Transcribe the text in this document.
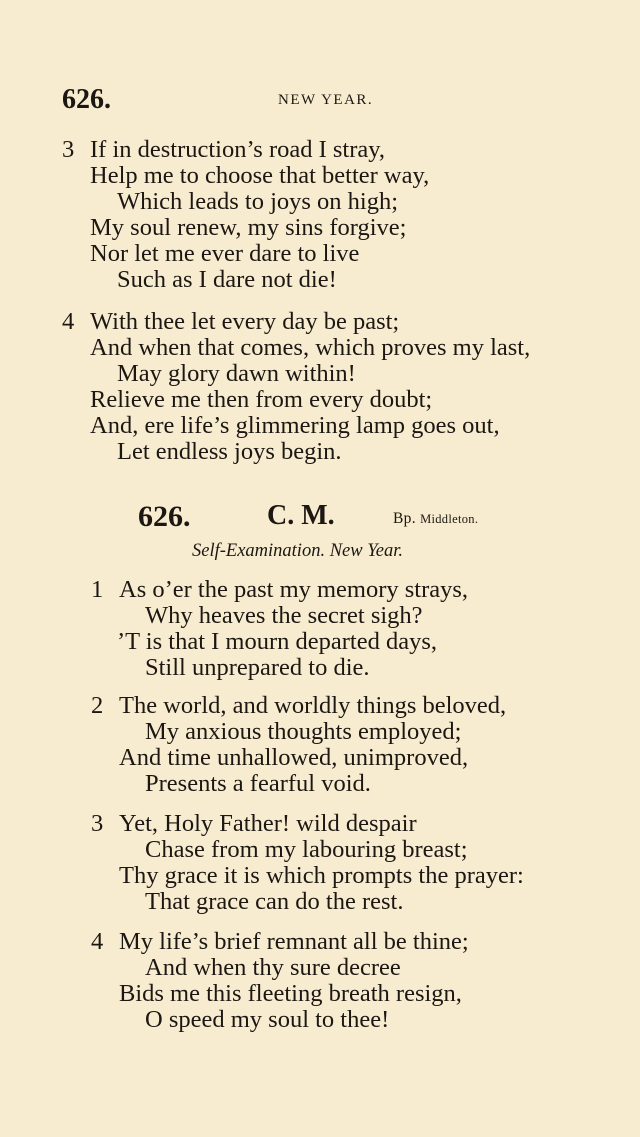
626.	NEW YEAR.
3 If in destruction’s road I stray,
Help me to choose that better way,
Which leads to joys on high;
My soul renew, my sins forgive;
Nor let me ever dare to live
Such as I dare not die!
4 With thee let every day be past;
And when that comes, which proves my last,
May glory dawn within!
Relieve me then from every doubt;
And, ere life’s glimmering lamp goes out,
Let endless joys begin.
626.	C. M.	Bp. Middleton.
Self-Examination. New Year.
1 As o’er the past my memory strays,
Why heaves the secret sigh?
’T is that I mourn departed days,
Still unprepared to die.
2 The world, and worldly things beloved,
My anxious thoughts employed;
And time unhallowed, unimproved,
Presents a fearful void.
3 Yet, Holy Father! wild despair
Chase from my labouring breast;
Thy grace it is which prompts the prayer:
That grace can do the rest.
4 My life’s brief remnant all be thine;
And when thy sure decree
Bids me this fleeting breath resign,
O speed my soul to thee!
